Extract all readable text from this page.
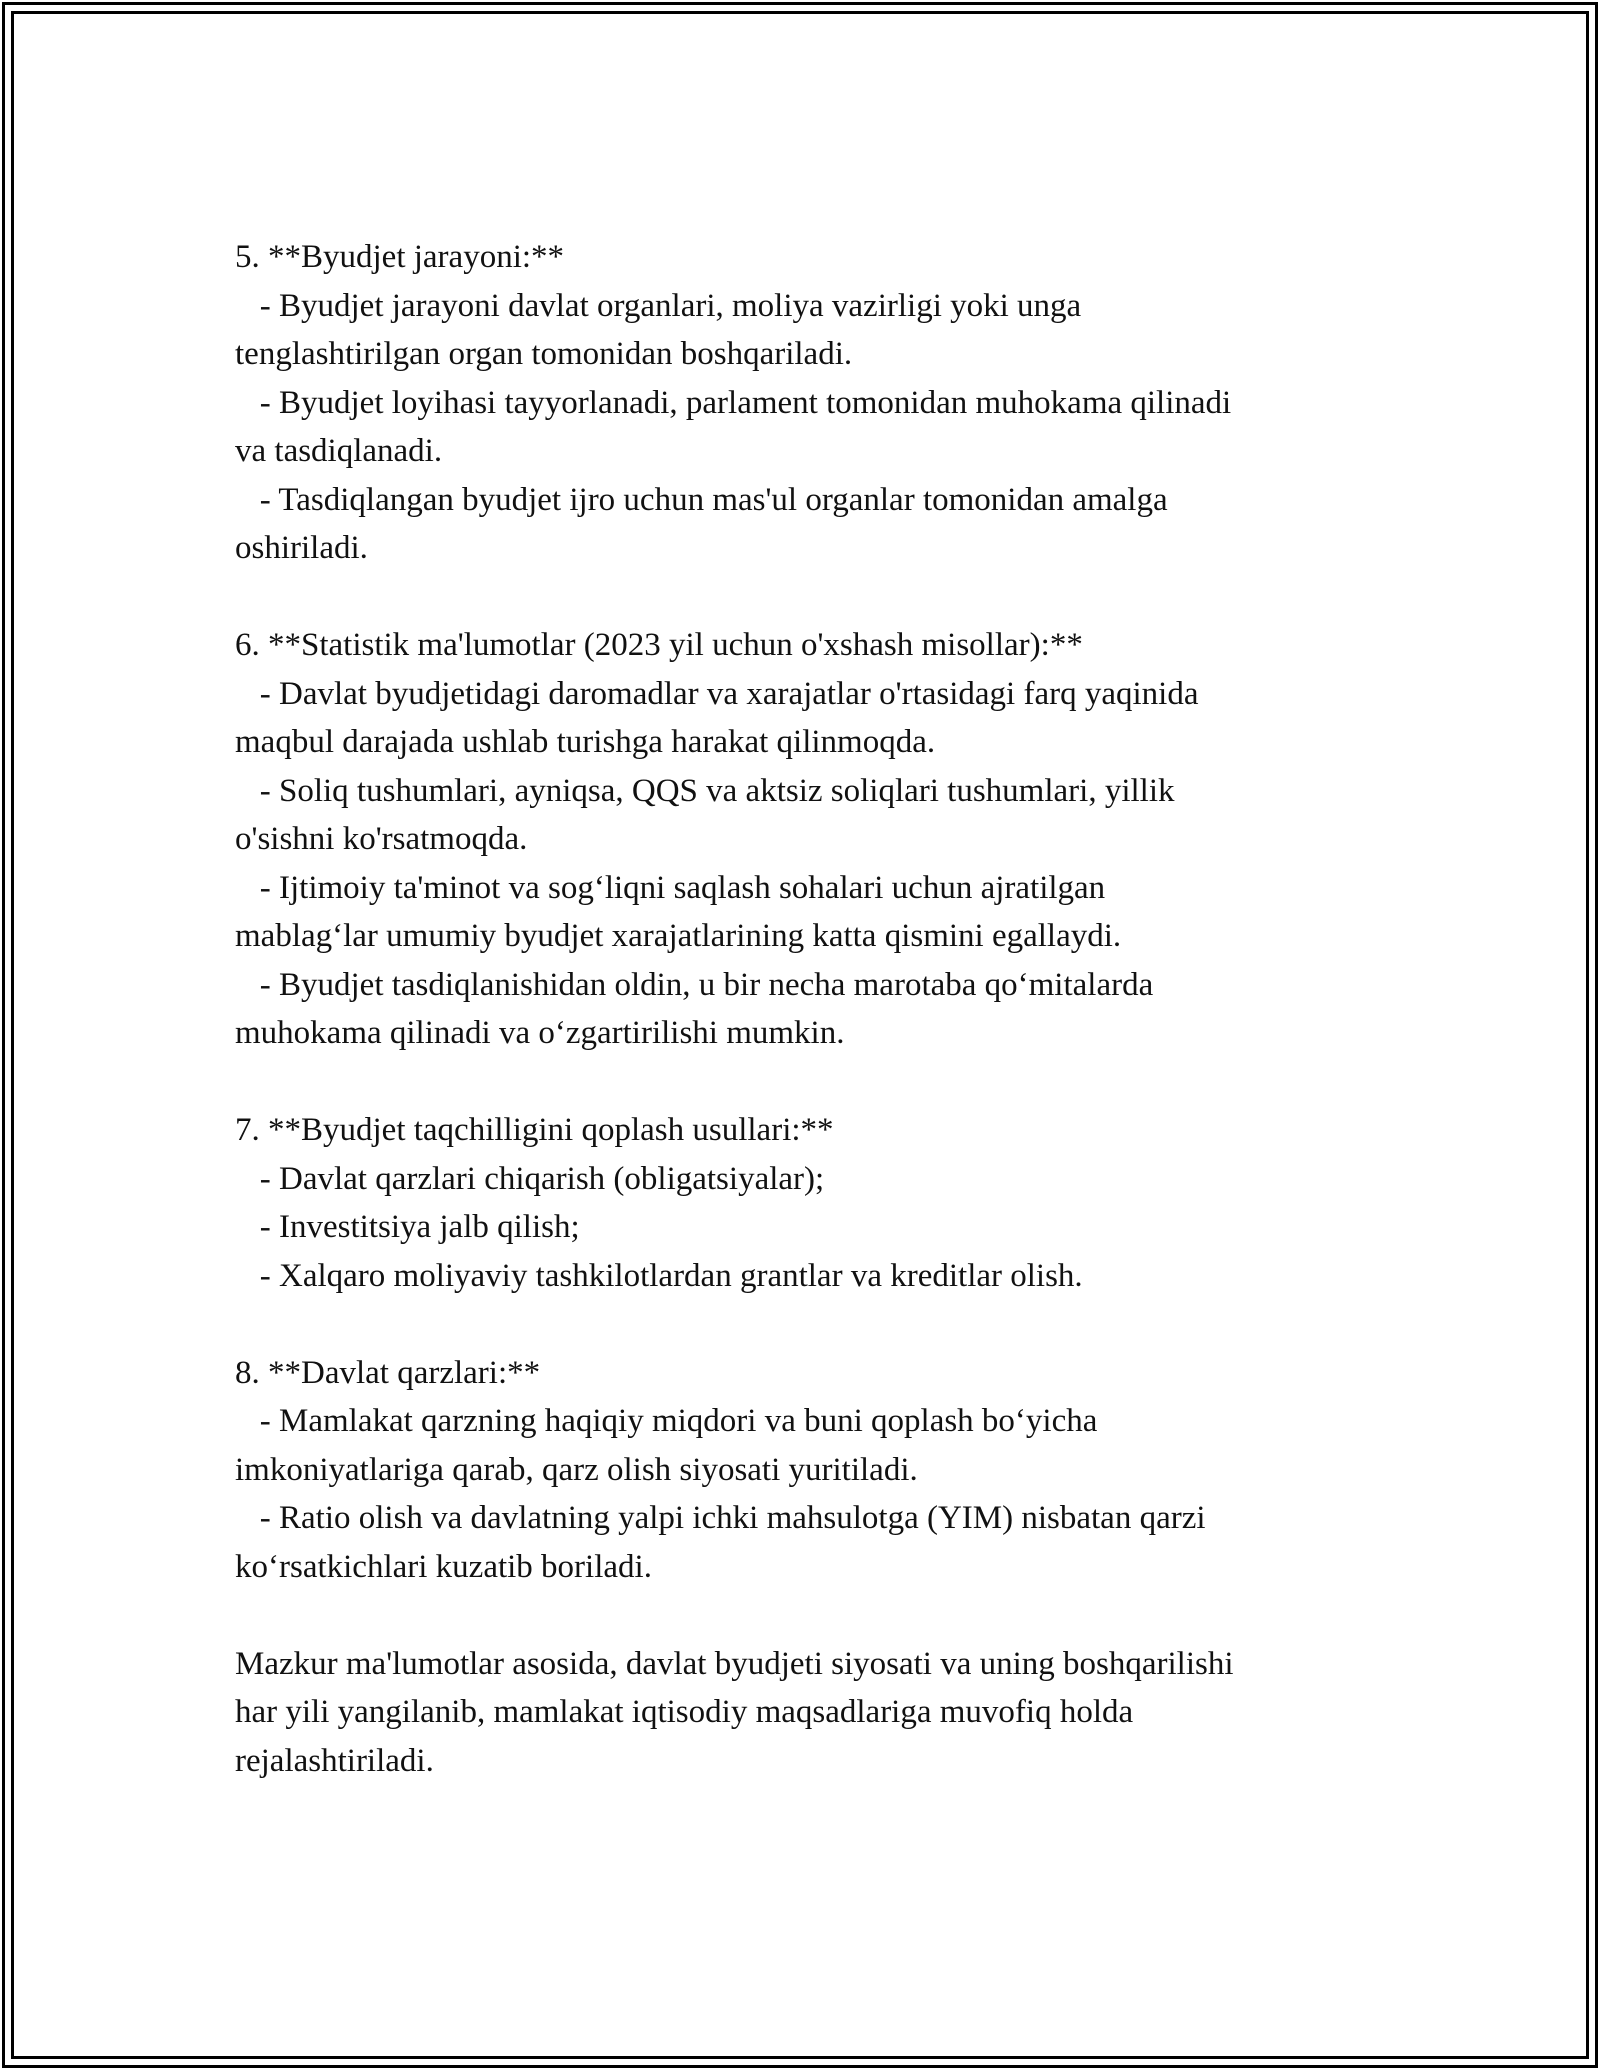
5. **Byudjet jarayoni:**

- Byudjet jarayoni davlat organlari, moliya vazirligi yoki unga

tenglashtirilgan organ tomonidan boshqariladi.

- Byudjet loyihasi tayyorlanadi, parlament tomonidan muhokama qilinadi

va tasdiqlanadi.

- Tasdiqlangan byudjet ijro uchun mas'ul organlar tomonidan amalga

oshiriladi.

6. **Statistik ma'lumotlar (2023 yil uchun o'xshash misollar):**

- Davlat byudjetidagi daromadlar va xarajatlar o'rtasidagi farq yaqinida

maqbul darajada ushlab turishga harakat qilinmoqda.

- Soliq tushumlari, ayniqsa, QQS va aktsiz soliqlari tushumlari, yillik

o'sishni ko'rsatmoqda.

- Ijtimoiy ta'minot va sog‘liqni saqlash sohalari uchun ajratilgan

mablag‘lar umumiy byudjet xarajatlarining katta qismini egallaydi.

- Byudjet tasdiqlanishidan oldin, u bir necha marotaba qo‘mitalarda

muhokama qilinadi va o‘zgartirilishi mumkin.

7. **Byudjet taqchilligini qoplash usullari:**

- Davlat qarzlari chiqarish (obligatsiyalar);

- Investitsiya jalb qilish;

- Xalqaro moliyaviy tashkilotlardan grantlar va kreditlar olish.

8. **Davlat qarzlari:**

- Mamlakat qarzning haqiqiy miqdori va buni qoplash bo‘yicha

imkoniyatlariga qarab, qarz olish siyosati yuritiladi.

- Ratio olish va davlatning yalpi ichki mahsulotga (YIM) nisbatan qarzi

ko‘rsatkichlari kuzatib boriladi.

Mazkur ma'lumotlar asosida, davlat byudjeti siyosati va uning boshqarilishi

har yili yangilanib, mamlakat iqtisodiy maqsadlariga muvofiq holda

rejalashtiriladi.
